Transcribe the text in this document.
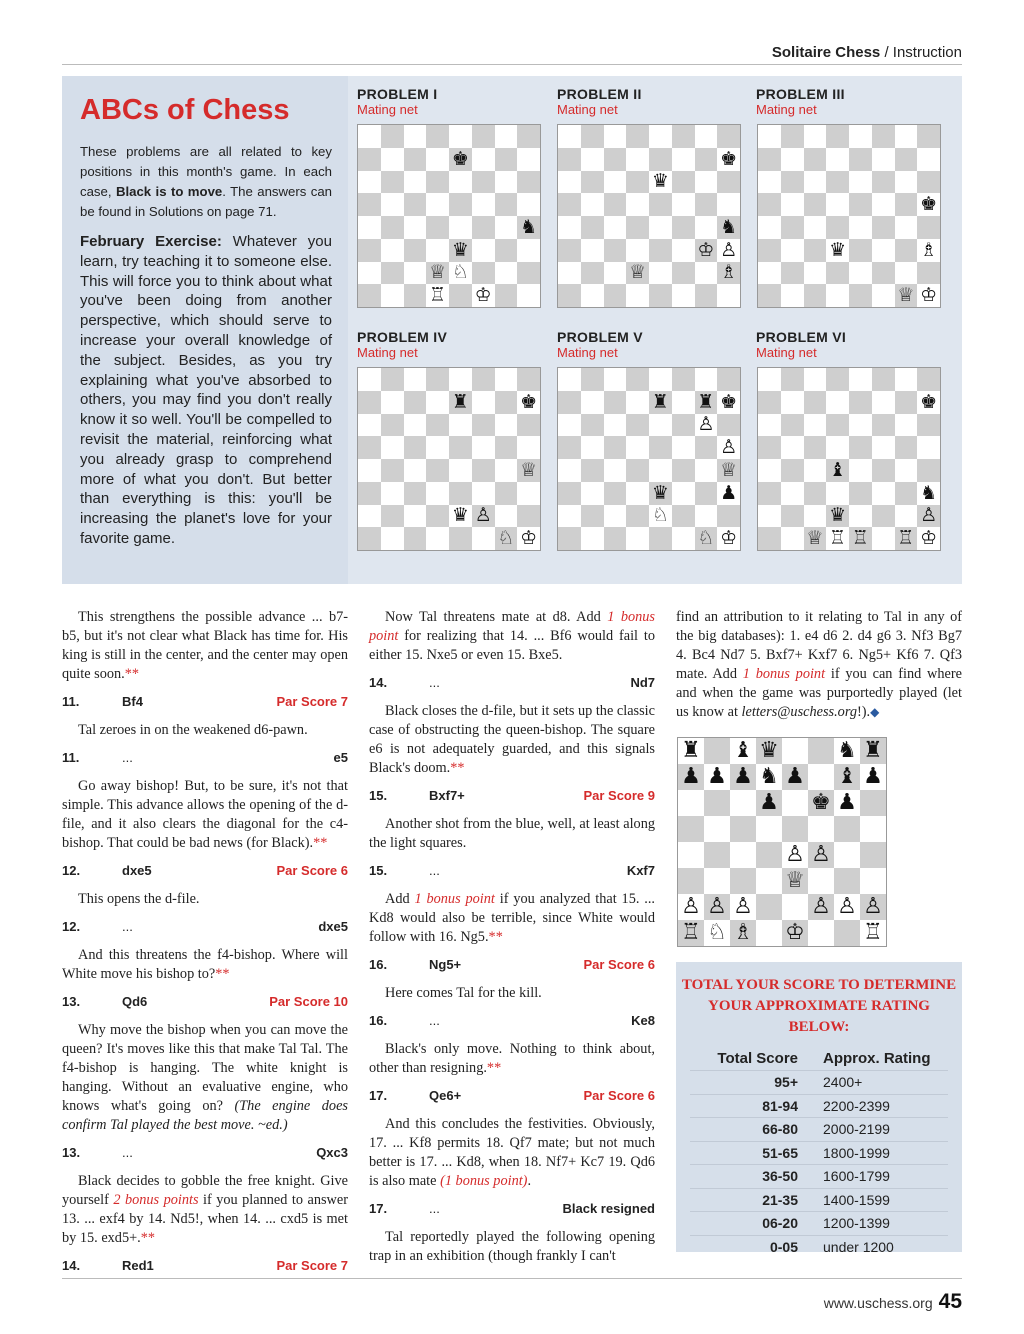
Solitaire Chess / Instruction
ABCs of Chess
These problems are all related to key positions in this month's game. In each case, Black is to move. The answers can be found in Solutions on page 71.
February Exercise: Whatever you learn, try teaching it to someone else. This will force you to think about what you've been doing from another perspective, which should serve to increase your overall knowledge of the subject. Besides, as you try explaining what you've absorbed to others, you may find you don't really know it so well. You'll be compelled to revisit the material, reinforcing what you already grasp to comprehend more of what you don't. But better than everything is this: you'll be increasing the planet's love for your favorite game.
PROBLEM I
Mating net
PROBLEM II
Mating net
PROBLEM III
Mating net
PROBLEM IV
Mating net
PROBLEM V
Mating net
PROBLEM VI
Mating net
♚
♞
♛
♕ ♘
♖ ♔
♚
♛
♞
♔ ♙
♕	♗
♚
♛	♗
♕ ♔
♜	♚
♕
♛ ♙
♘ ♔
♜ ♜ ♚
♙
♙
♕
♛	♟
♘
♘ ♔
♚
♝
♞
♛	♙
♕ ♖ ♖ ♖ ♔
♜ ♝ ♛	♞ ♜
♟ ♟ ♟ ♞ ♟ ♝ ♟
♟ ♚ ♟
♙ ♙
♕
♙ ♙ ♙	♙ ♙ ♙
♖ ♘ ♗ ♔	♖

This strengthens the possible advance ... b7-b5, but it's not clear what Black has time for. His king is still in the center, and the center may open quite soon.**

11.	Bf4	Par Score 7

Tal zeroes in on the weakened d6-pawn.

11.	...	e5

Go away bishop! But, to be sure, it's not that simple. This advance allows the opening of the d-file, and it also clears the diagonal for the c4-bishop. That could be bad news (for Black).**

12.	dxe5	Par Score 6

This opens the d-file.

12.	...	dxe5

And this threatens the f4-bishop. Where will White move his bishop to?**

13.	Qd6	Par Score 10

Why move the bishop when you can move the queen? It's moves like this that make Tal Tal. The f4-bishop is hanging. The white knight is hanging. Without an evaluative engine, who knows what's going on? (The engine does confirm Tal played the best move. ~ed.)

13.	...	Qxc3

Black decides to gobble the free knight. Give yourself 2 bonus points if you planned to answer 13. ... exf4 by 14. Nd5!, when 14. ... cxd5 is met by 15. exd5+.**

14.	Red1	Par Score 7

Now Tal threatens mate at d8. Add 1 bonus point for realizing that 14. ... Bf6 would fail to either 15. Nxe5 or even 15. Bxe5.

14.	...	Nd7

Black closes the d-file, but it sets up the classic case of obstructing the queen-bishop. The square e6 is not adequately guarded, and this signals Black's doom.**

15.	Bxf7+	Par Score 9

Another shot from the blue, well, at least along the light squares.

15.	...	Kxf7

Add 1 bonus point if you analyzed that 15. ... Kd8 would also be terrible, since White would follow with 16. Ng5.**

16.	Ng5+	Par Score 6

Here comes Tal for the kill.

16.	...	Ke8

Black's only move. Nothing to think about, other than resigning.**

17.	Qe6+	Par Score 6

And this concludes the festivities. Obviously, 17. ... Kf8 permits 18. Qf7 mate; but not much better is 17. ... Kd8, when 18. Nf7+ Kc7 19. Qd6 is also mate (1 bonus point).

17.	...	Black resigned

Tal reportedly played the following opening trap in an exhibition (though frankly I can't

find an attribution to it relating to Tal in any of the big databases): 1. e4 d6 2. d4 g6 3. Nf3 Bg7 4. Bc4 Nd7 5. Bxf7+ Kxf7 6. Ng5+ Kf6 7. Qf3 mate. Add 1 bonus point if you can find where and when the game was purportedly played (let us know at letters@uschess.org!).◆

TOTAL YOUR SCORE TO DETERMINE YOUR APPROXIMATE RATING BELOW:
Total Score	Approx. Rating
95+	2400+
81-94	2200-2399
66-80	2000-2199
51-65	1800-1999
36-50	1600-1799
21-35	1400-1599
06-20	1200-1399
0-05	under 1200
www.uschess.org 45
